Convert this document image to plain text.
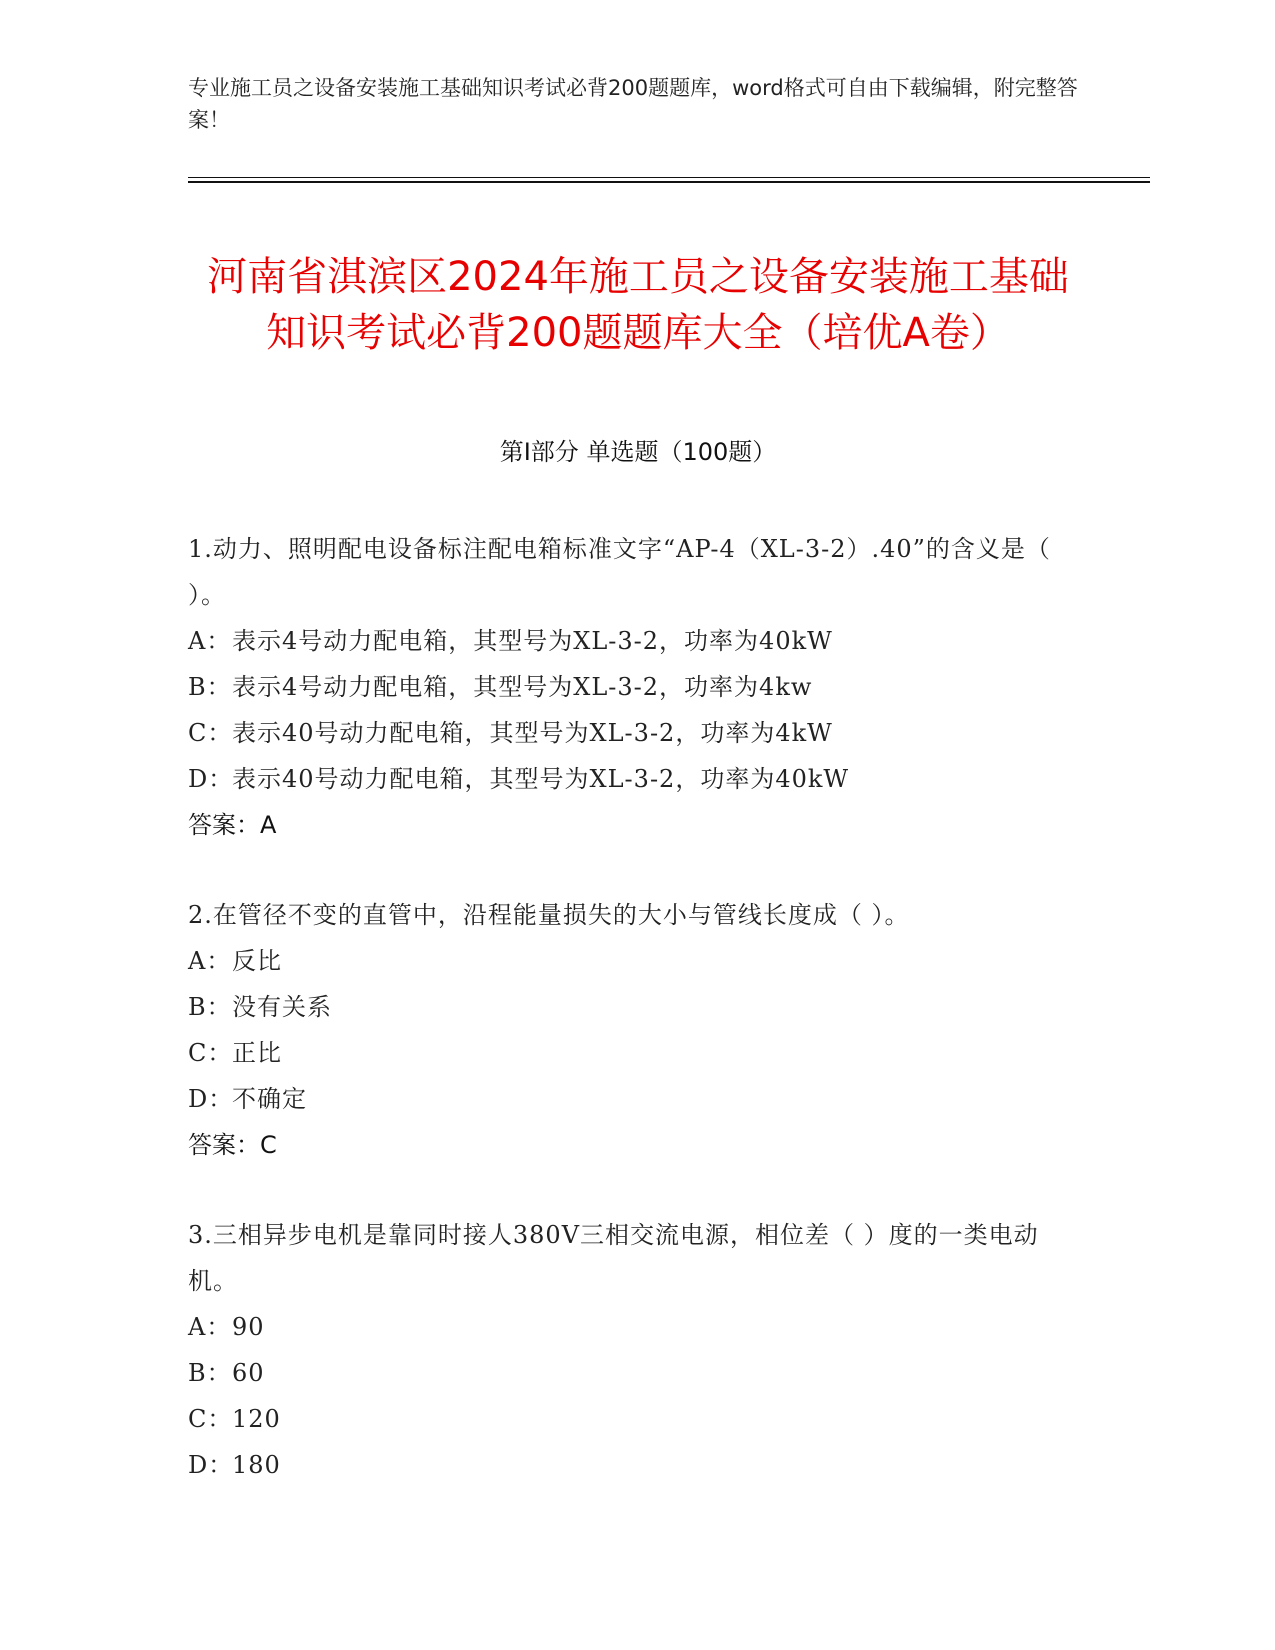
专业施工员之设备安装施工基础知识考试必背200题题库，word格式可自由下载编辑，附完整答案！
河南省淇滨区2024年施工员之设备安装施工基础知识考试必背200题题库大全（培优A卷）
第I部分 单选题（100题）
1.动力、照明配电设备标注配电箱标准文字“AP-4（XL-3-2）.40”的含义是（ ）。
A：表示4号动力配电箱，其型号为XL-3-2，功率为40kW
B：表示4号动力配电箱，其型号为XL-3-2，功率为4kw
C：表示40号动力配电箱，其型号为XL-3-2，功率为4kW
D：表示40号动力配电箱，其型号为XL-3-2，功率为40kW
答案：A
2.在管径不变的直管中，沿程能量损失的大小与管线长度成（ ）。
A：反比
B：没有关系
C：正比
D：不确定
答案：C
3.三相异步电机是靠同时接人380V三相交流电源，相位差（ ）度的一类电动机。
A：90
B：60
C：120
D：180
